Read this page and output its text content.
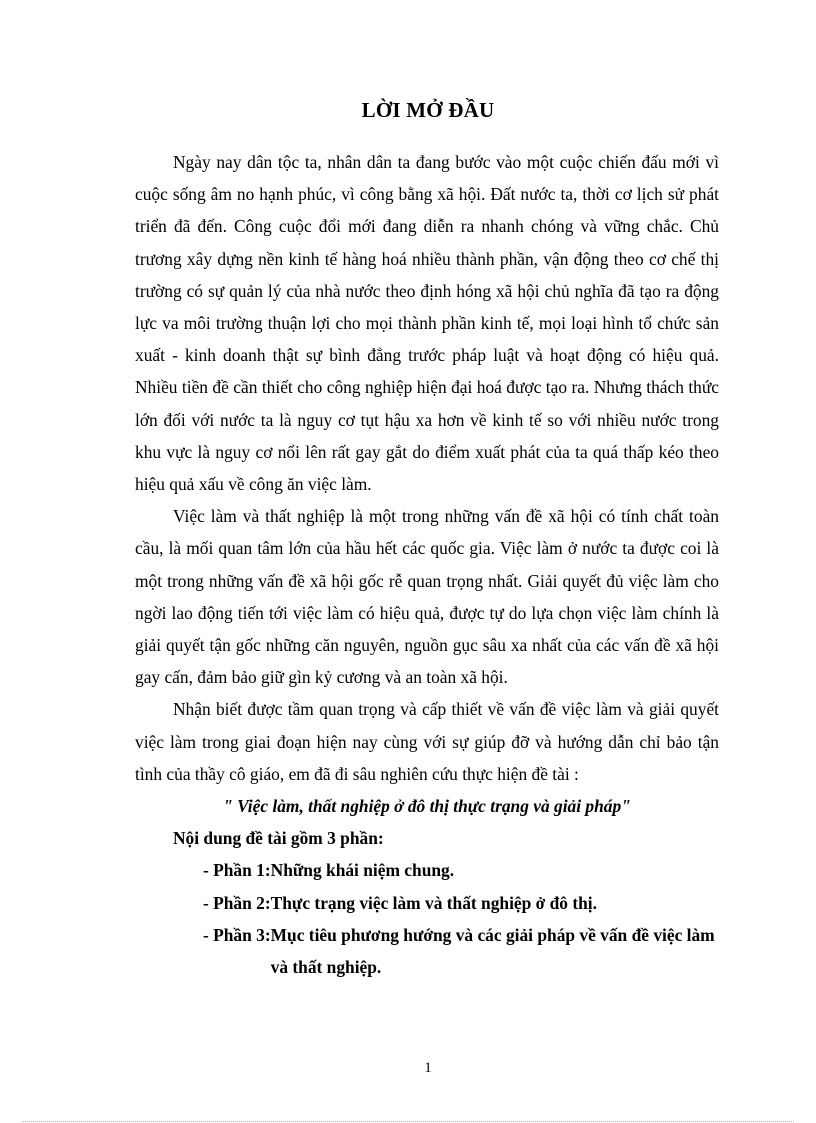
LỜI MỞ ĐẦU

Ngày nay dân tộc ta, nhân dân ta đang bước vào một cuộc chiến đấu mới vì cuộc sống âm no hạnh phúc, vì công bằng xã hội. Đất nước ta, thời cơ lịch sử phát triển đã đến. Công cuộc đổi mới đang diễn ra nhanh chóng và vững chắc. Chủ trương xây dựng nền kinh tế hàng hoá nhiều thành phần, vận động theo cơ chế thị trường có sự quản lý của nhà nước theo định hóng xã hội chủ nghĩa đã tạo ra động lực va môi trường thuận lợi cho mọi thành phần kinh tế, mọi loại hình tổ chức sản xuất - kinh doanh thật sự bình đẳng trước pháp luật và hoạt động có hiệu quả. Nhiều tiền đề cần thiết cho công nghiệp hiện đại hoá được tạo ra. Nhưng thách thức lớn đối với nước ta là nguy cơ tụt hậu xa hơn về kinh tế so với nhiều nước trong khu vực là nguy cơ nổi lên rất gay gắt do điểm xuất phát của ta quá thấp kéo theo hiệu quả xấu về công ăn việc làm.

Việc làm và thất nghiệp là một trong những vấn đề xã hội có tính chất toàn cầu, là mối quan tâm lớn của hầu hết các quốc gia. Việc làm ở nước ta được coi là một trong những vấn đề xã hội gốc rễ quan trọng nhất. Giải quyết đủ việc làm cho ngời lao động tiến tới việc làm có hiệu quả, được tự do lựa chọn việc làm chính là giải quyết tận gốc những căn nguyên, nguồn gục sâu xa nhất của các vấn đề xã hội gay cấn, đảm bảo giữ gìn kỷ cương và an toàn xã hội.

Nhận biết được tầm quan trọng và cấp thiết về vấn đề việc làm và giải quyết việc làm trong giai đoạn hiện nay cùng với sự giúp đỡ và hướng dẫn chỉ bảo tận tình của thầy cô giáo, em đã đi sâu nghiên cứu thực hiện đề tài :

" Việc làm, thất nghiệp ở đô thị thực trạng và giải pháp"
Nội dung đề tài gồm 3 phần:
- Phần 1: Những khái niệm chung.
- Phần 2: Thực trạng việc làm và thất nghiệp ở đô thị.
- Phần 3: Mục tiêu phương hướng và các giải pháp về vấn đề việc làm và thất nghiệp.
1
